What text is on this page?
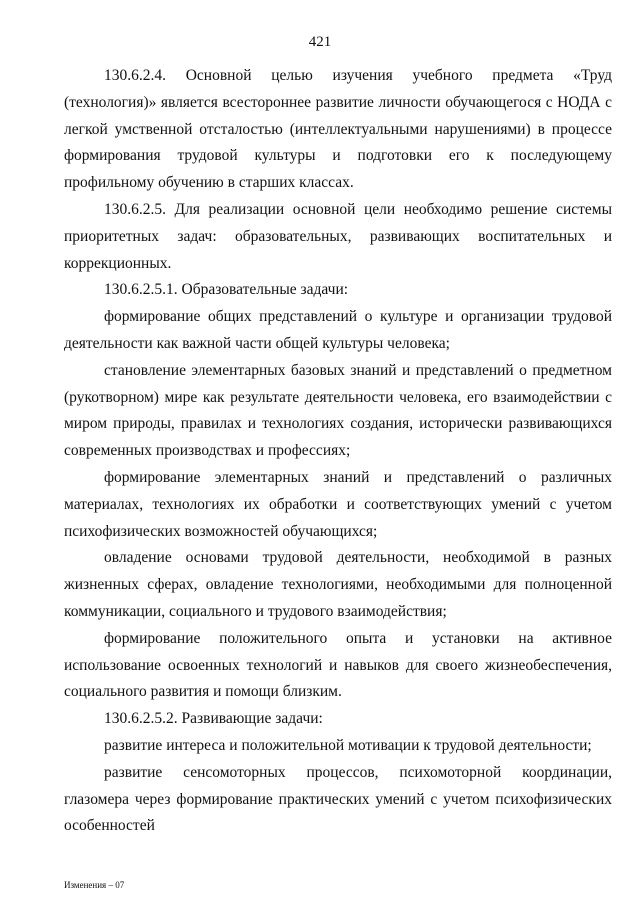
421

130.6.2.4. Основной целью изучения учебного предмета «Труд (технология)» является всестороннее развитие личности обучающегося с НОДА с легкой умственной отсталостью (интеллектуальными нарушениями) в процессе формирования трудовой культуры и подготовки его к последующему профильному обучению в старших классах.

130.6.2.5. Для реализации основной цели необходимо решение системы приоритетных задач: образовательных, развивающих воспитательных и коррекционных.

130.6.2.5.1. Образовательные задачи:

формирование общих представлений о культуре и организации трудовой деятельности как важной части общей культуры человека;

становление элементарных базовых знаний и представлений о предметном (рукотворном) мире как результате деятельности человека, его взаимодействии с миром природы, правилах и технологиях создания, исторически развивающихся современных производствах и профессиях;

формирование элементарных знаний и представлений о различных материалах, технологиях их обработки и соответствующих умений с учетом психофизических возможностей обучающихся;

овладение основами трудовой деятельности, необходимой в разных жизненных сферах, овладение технологиями, необходимыми для полноценной коммуникации, социального и трудового взаимодействия;

формирование положительного опыта и установки на активное использование освоенных технологий и навыков для своего жизнеобеспечения, социального развития и помощи близким.

130.6.2.5.2. Развивающие задачи:

развитие интереса и положительной мотивации к трудовой деятельности;

развитие сенсомоторных процессов, психомоторной координации, глазомера через формирование практических умений с учетом психофизических особенностей

Изменения – 07
